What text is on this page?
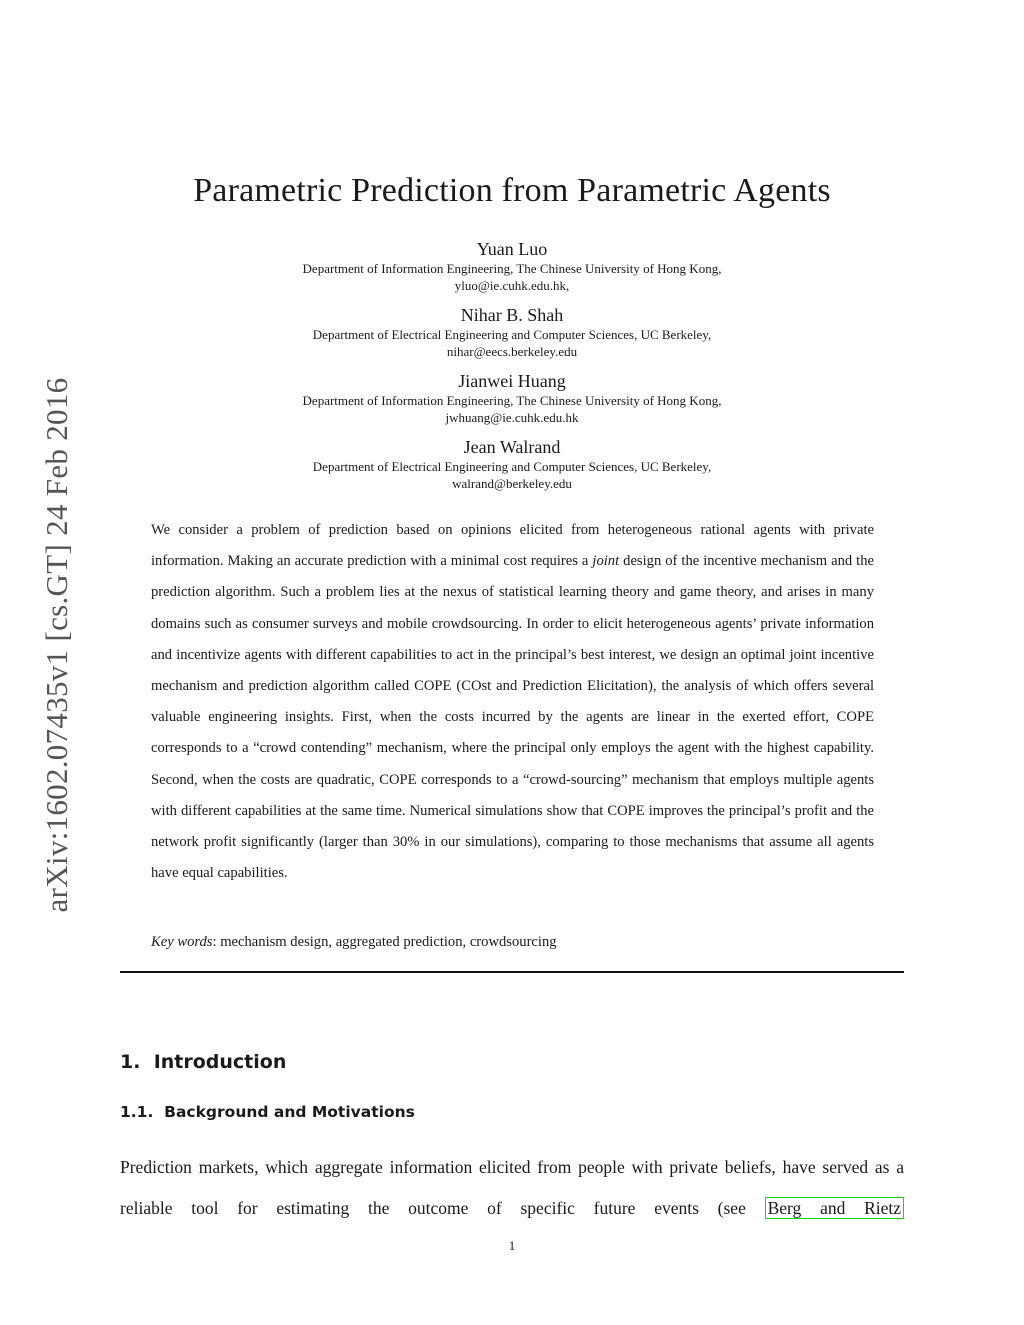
arXiv:1602.07435v1 [cs.GT] 24 Feb 2016
Parametric Prediction from Parametric Agents
Yuan Luo
Department of Information Engineering, The Chinese University of Hong Kong,
yluo@ie.cuhk.edu.hk,
Nihar B. Shah
Department of Electrical Engineering and Computer Sciences, UC Berkeley,
nihar@eecs.berkeley.edu
Jianwei Huang
Department of Information Engineering, The Chinese University of Hong Kong,
jwhuang@ie.cuhk.edu.hk
Jean Walrand
Department of Electrical Engineering and Computer Sciences, UC Berkeley,
walrand@berkeley.edu

We consider a problem of prediction based on opinions elicited from heterogeneous rational agents with private information. Making an accurate prediction with a minimal cost requires a joint design of the incentive mechanism and the prediction algorithm. Such a problem lies at the nexus of statistical learning theory and game theory, and arises in many domains such as consumer surveys and mobile crowdsourcing. In order to elicit heterogeneous agents’ private information and incentivize agents with different capabilities to act in the principal’s best interest, we design an optimal joint incentive mechanism and prediction algorithm called COPE (COst and Prediction Elicitation), the analysis of which offers several valuable engineering insights. First, when the costs incurred by the agents are linear in the exerted effort, COPE corresponds to a “crowd contending” mechanism, where the principal only employs the agent with the highest capability. Second, when the costs are quadratic, COPE corresponds to a “crowd-sourcing” mechanism that employs multiple agents with different capabilities at the same time. Numerical simulations show that COPE improves the principal’s profit and the network profit significantly (larger than 30% in our simulations), comparing to those mechanisms that assume all agents have equal capabilities.

Key words: mechanism design, aggregated prediction, crowdsourcing
1. Introduction
1.1. Background and Motivations

Prediction markets, which aggregate information elicited from people with private beliefs, have served as a reliable tool for estimating the outcome of specific future events (see Berg and Rietz

1
